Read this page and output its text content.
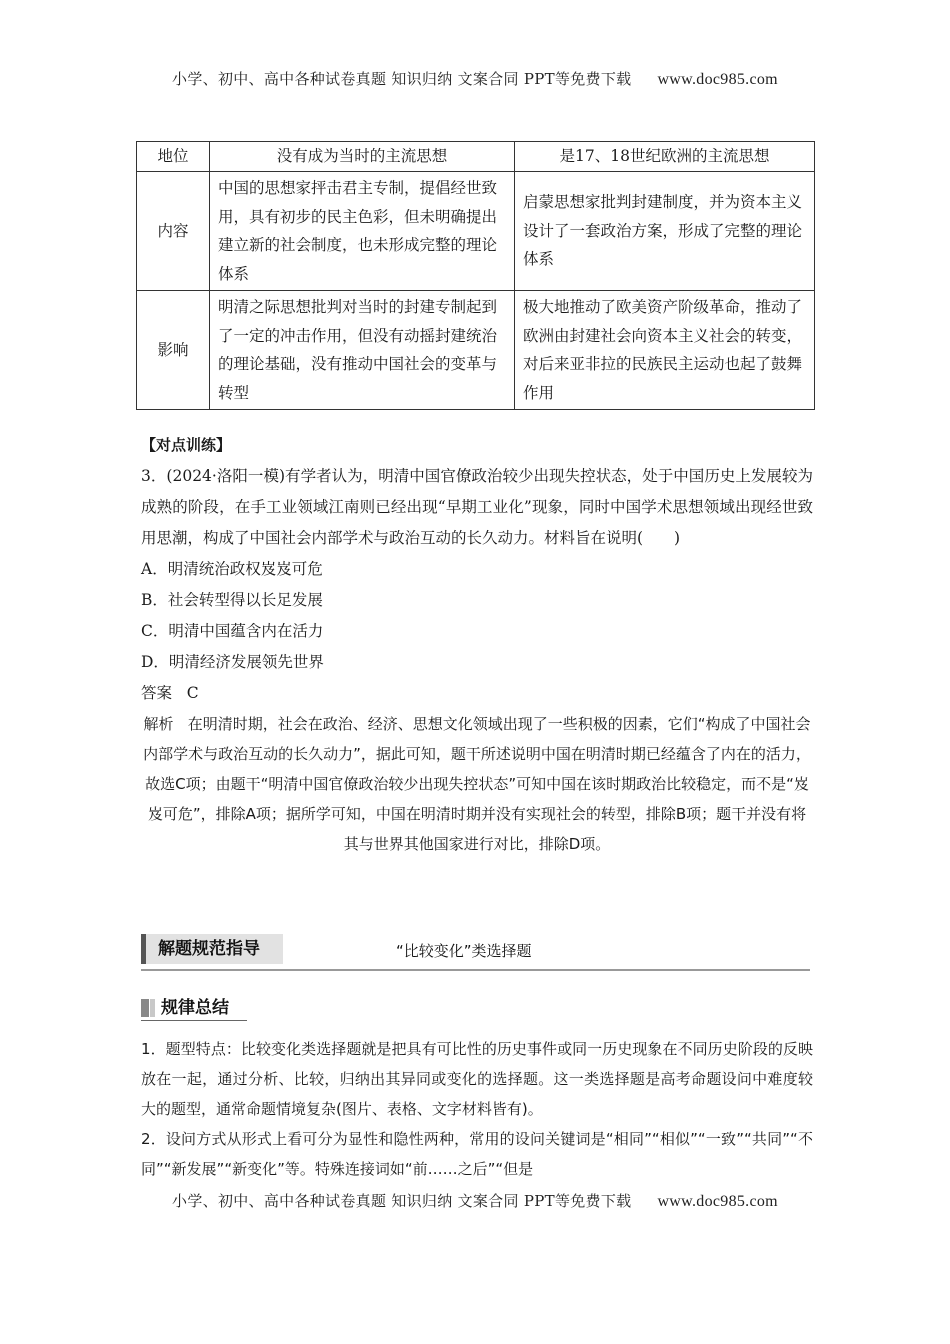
小学、初中、高中各种试卷真题 知识归纳 文案合同 PPT等免费下载 www.doc985.com
地位	没有成为当时的主流思想	是17、18世纪欧洲的主流思想
内容	中国的思想家抨击君主专制，提倡经世致用，具有初步的民主色彩，但未明确提出建立新的社会制度，也未形成完整的理论体系	启蒙思想家批判封建制度，并为资本主义设计了一套政治方案，形成了完整的理论体系
影响	明清之际思想批判对当时的封建专制起到了一定的冲击作用，但没有动摇封建统治的理论基础，没有推动中国社会的变革与转型	极大地推动了欧美资产阶级革命，推动了欧洲由封建社会向资本主义社会的转变，对后来亚非拉的民族民主运动也起了鼓舞作用
【对点训练】
3．(2024·洛阳一模)有学者认为，明清中国官僚政治较少出现失控状态，处于中国历史上发展较为成熟的阶段，在手工业领域江南则已经出现“早期工业化”现象，同时中国学术思想领域出现经世致用思潮，构成了中国社会内部学术与政治互动的长久动力。材料旨在说明(　　)
A．明清统治政权岌岌可危
B．社会转型得以长足发展
C．明清中国蕴含内在活力
D．明清经济发展领先世界
答案 C
解析 在明清时期，社会在政治、经济、思想文化领域出现了一些积极的因素，它们“构成了中国社会内部学术与政治互动的长久动力”，据此可知，题干所述说明中国在明清时期已经蕴含了内在的活力，故选C项；由题干“明清中国官僚政治较少出现失控状态”可知中国在该时期政治比较稳定，而不是“岌岌可危”，排除A项；据所学可知，中国在明清时期并没有实现社会的转型，排除B项；题干并没有将其与世界其他国家进行对比，排除D项。
解题规范指导	“比较变化”类选择题
规律总结
1．题型特点：比较变化类选择题就是把具有可比性的历史事件或同一历史现象在不同历史阶段的反映放在一起，通过分析、比较，归纳出其异同或变化的选择题。这一类选择题是高考命题设问中难度较大的题型，通常命题情境复杂(图片、表格、文字材料皆有)。
2．设问方式从形式上看可分为显性和隐性两种，常用的设问关键词是“相同”“相似”“一致”“共同”“不同”“新发展”“新变化”等。特殊连接词如“前……之后”“但是
小学、初中、高中各种试卷真题 知识归纳 文案合同 PPT等免费下载 www.doc985.com
